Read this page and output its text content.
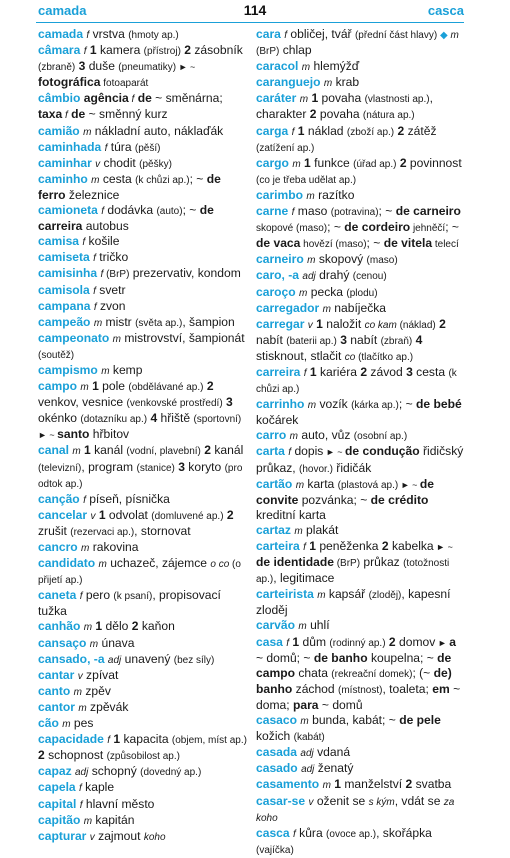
camada	114	casca

camada f vrstva (hmoty ap.)

câmara f 1 kamera (přístroj) 2 zásobník (zbraně) 3 duše (pneumatiky) ► ~ fotográfica fotoaparát

câmbio agência f de ~ směnárna; taxa f de ~ směnný kurz

camião m nákladní auto, náklaďák

caminhada f túra (pěší)

caminhar v chodit (pěšky)

caminho m cesta (k chůzi ap.); ~ de ferro železnice

camioneta f dodávka (auto); ~ de carreira autobus

camisa f košile

camiseta f tričko

camisinha f (BrP) prezervativ, kondom

camisola f svetr

campana f zvon

campeão m mistr (světa ap.), šampion

campeonato m mistrovství, šampionát (soutěž)

campismo m kemp

campo m 1 pole (obdělávané ap.) 2 venkov, vesnice (venkovské prostředí) 3 okénko (dotazníku ap.) 4 hřiště (sportovní) ► ~ santo hřbitov

canal m 1 kanál (vodní, plavební) 2 kanál (televizní), program (stanice) 3 koryto (pro odtok ap.)

canção f píseň, písnička

cancelar v 1 odvolat (domluvené ap.) 2 zrušit (rezervaci ap.), stornovat

cancro m rakovina

candidato m uchazeč, zájemce o co (o přijetí ap.)

caneta f pero (k psaní), propisovací tužka

canhão m 1 dělo 2 kaňon

cansaço m únava

cansado, -a adj unavený (bez síly)

cantar v zpívat

canto m zpěv

cantor m zpěvák

cão m pes

capacidade f 1 kapacita (objem, míst ap.) 2 schopnost (způsobilost ap.)

capaz adj schopný (dovedný ap.)

capela f kaple

capital f hlavní město

capitão m kapitán

capturar v zajmout koho

cara f obličej, tvář (přední část hlavy) ◆ m (BrP) chlap

caracol m hlemýžď

caranguejo m krab

caráter m 1 povaha (vlastnosti ap.), charakter 2 povaha (nátura ap.)

carga f 1 náklad (zboží ap.) 2 zátěž (zatížení ap.)

cargo m 1 funkce (úřad ap.) 2 povinnost (co je třeba udělat ap.)

carimbo m razítko

carne f maso (potravina); ~ de carneiro skopové (maso); ~ de cordeiro jehněčí; ~ de vaca hovězí (maso); ~ de vitela telecí

carneiro m skopový (maso)

caro, -a adj drahý (cenou)

caroço m pecka (plodu)

carregador m nabíječka

carregar v 1 naložit co kam (náklad) 2 nabít (baterii ap.) 3 nabít (zbraň) 4 stisknout, stlačit co (tlačítko ap.)

carreira f 1 kariéra 2 závod 3 cesta (k chůzi ap.)

carrinho m vozík (kárka ap.); ~ de bebé kočárek

carro m auto, vůz (osobní ap.)

carta f dopis ► ~ de condução řidičský průkaz, (hovor.) řidičák

cartão m karta (plastová ap.) ► ~ de convite pozvánka; ~ de crédito kreditní karta

cartaz m plakát

carteira f 1 peněženka 2 kabelka ► ~ de identidade (BrP) průkaz (totožnosti ap.), legitimace

carteirista m kapsář (zloděj), kapesní zloděj

carvão m uhlí

casa f 1 dům (rodinný ap.) 2 domov ► a ~ domů; ~ de banho koupelna; ~ de campo chata (rekreační domek); (~ de) banho záchod (místnost), toaleta; em ~ doma; para ~ domů

casaco m bunda, kabát; ~ de pele kožich (kabát)

casada adj vdaná

casado adj ženatý

casamento m 1 manželství 2 svatba

casar-se v oženit se s kým, vdát se za koho

casca f kůra (ovoce ap.), skořápka (vajíčka)
